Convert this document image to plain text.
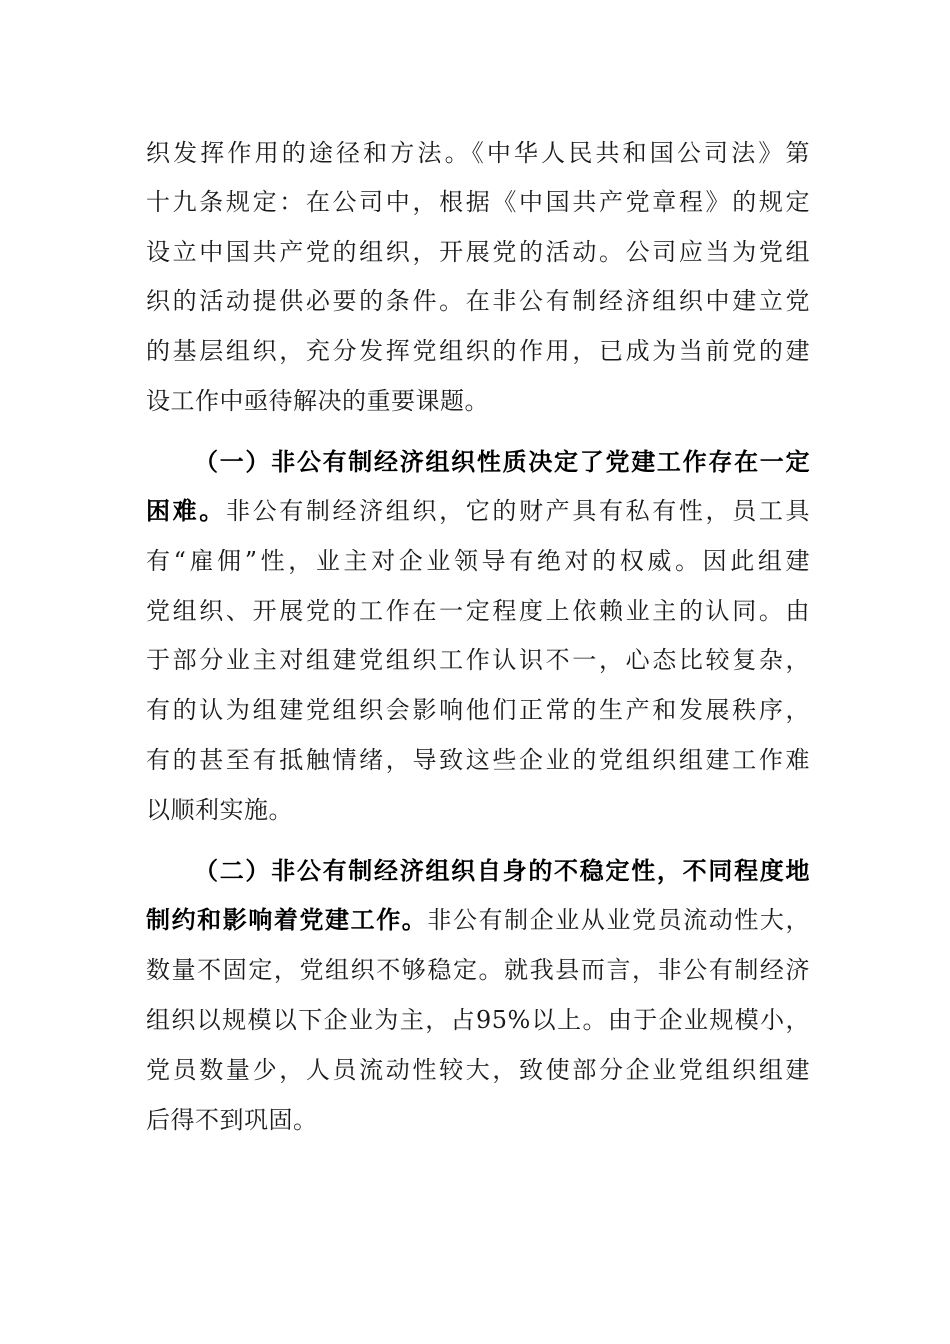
织发挥作用的途径和方法。《中华人民共和国公司法》第
十九条规定：在公司中，根据《中国共产党章程》的规定
设立中国共产党的组织，开展党的活动。公司应当为党组
织的活动提供必要的条件。在非公有制经济组织中建立党
的基层组织，充分发挥党组织的作用，已成为当前党的建
设工作中亟待解决的重要课题。
（一）非公有制经济组织性质决定了党建工作存在一定
困难。非公有制经济组织，它的财产具有私有性，员工具
有“雇佣”性，业主对企业领导有绝对的权威。因此组建
党组织、开展党的工作在一定程度上依赖业主的认同。由
于部分业主对组建党组织工作认识不一，心态比较复杂，
有的认为组建党组织会影响他们正常的生产和发展秩序，
有的甚至有抵触情绪，导致这些企业的党组织组建工作难
以顺利实施。
（二）非公有制经济组织自身的不稳定性，不同程度地
制约和影响着党建工作。非公有制企业从业党员流动性大，
数量不固定，党组织不够稳定。就我县而言，非公有制经济
组织以规模以下企业为主，占95%以上。由于企业规模小，
党员数量少，人员流动性较大，致使部分企业党组织组建
后得不到巩固。
